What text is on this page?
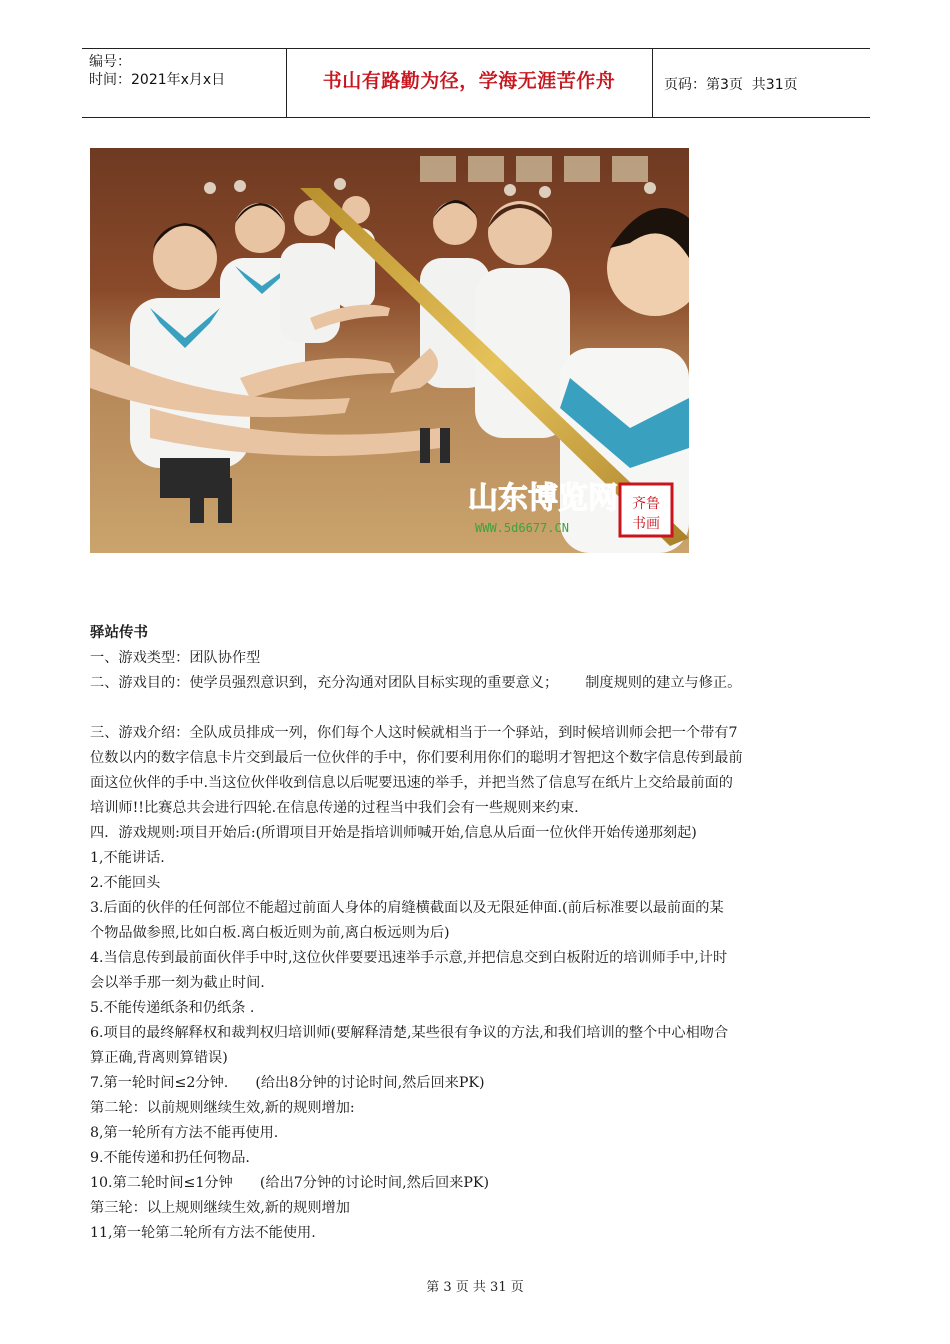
编号：
时间：2021年x月x日	书山有路勤为径，学海无涯苦作舟	页码：第3页  共31页
山东博览网
WWW.5d6677.CN
齐鲁
书画

驿站传书

一、游戏类型：团队协作型

二、游戏目的：使学员强烈意识到，充分沟通对团队目标实现的重要意义；      制度规则的建立与修正。

三、游戏介绍：全队成员排成一列，你们每个人这时候就相当于一个驿站，到时候培训师会把一个带有7

位数以内的数字信息卡片交到最后一位伙伴的手中，你们要利用你们的聪明才智把这个数字信息传到最前

面这位伙伴的手中.当这位伙伴收到信息以后呢要迅速的举手，并把当然了信息写在纸片上交给最前面的

培训师!!比赛总共会进行四轮.在信息传递的过程当中我们会有一些规则来约束.

四．游戏规则:项目开始后:(所谓项目开始是指培训师喊开始,信息从后面一位伙伴开始传递那刻起)

1,不能讲话.

2.不能回头

3.后面的伙伴的任何部位不能超过前面人身体的肩缝横截面以及无限延伸面.(前后标准要以最前面的某

个物品做参照,比如白板.离白板近则为前,离白板远则为后)

4.当信息传到最前面伙伴手中时,这位伙伴要要迅速举手示意,并把信息交到白板附近的培训师手中,计时

会以举手那一刻为截止时间.

5.不能传递纸条和仍纸条 .

6.项目的最终解释权和裁判权归培训师(要解释清楚,某些很有争议的方法,和我们培训的整个中心相吻合

算正确,背离则算错误)

7.第一轮时间≤2分钟.      (给出8分钟的讨论时间,然后回来PK)

第二轮：以前规则继续生效,新的规则增加:

8,第一轮所有方法不能再使用.

9.不能传递和扔任何物品.

10.第二轮时间≤1分钟      (给出7分钟的讨论时间,然后回来PK)

第三轮：以上规则继续生效,新的规则增加

11,第一轮第二轮所有方法不能使用.

第 3 页 共 31 页
